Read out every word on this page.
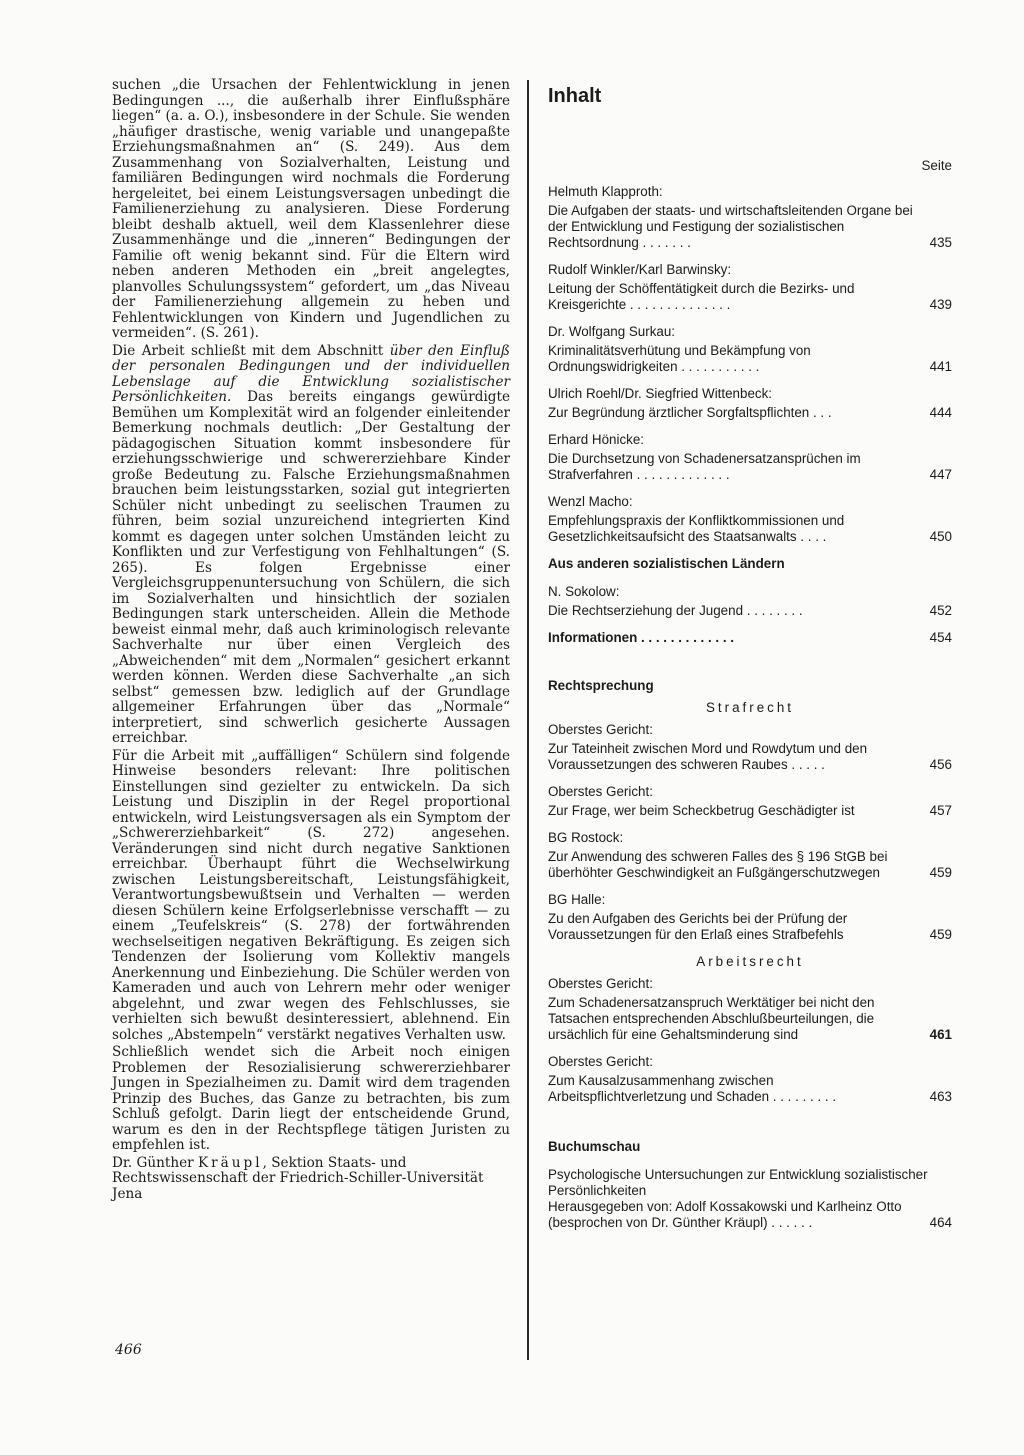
suchen „die Ursachen der Fehlentwicklung in jenen Bedingungen ..., die außerhalb ihrer Einflußsphäre liegen“ (a. a. O.), insbesondere in der Schule. Sie wenden „häufiger drastische, wenig variable und unangepaßte Erziehungsmaßnahmen an“ (S. 249). Aus dem Zusammenhang von Sozialverhalten, Leistung und familiären Bedingungen wird nochmals die Forderung hergeleitet, bei einem Leistungsversagen unbedingt die Familienerziehung zu analysieren. Diese Forderung bleibt deshalb aktuell, weil dem Klassenlehrer diese Zusammenhänge und die „inneren“ Bedingungen der Familie oft wenig bekannt sind. Für die Eltern wird neben anderen Methoden ein „breit angelegtes, planvolles Schulungssystem“ gefordert, um „das Niveau der Familienerziehung allgemein zu heben und Fehlentwicklungen von Kindern und Jugendlichen zu vermeiden“. (S. 261).

Die Arbeit schließt mit dem Abschnitt über den Einfluß der personalen Bedingungen und der individuellen Lebenslage auf die Entwicklung sozialistischer Persönlichkeiten. Das bereits eingangs gewürdigte Bemühen um Komplexität wird an folgender einleitender Bemerkung nochmals deutlich: „Der Gestaltung der pädagogischen Situation kommt insbesondere für erziehungsschwierige und schwererziehbare Kinder große Bedeutung zu. Falsche Erziehungsmaßnahmen brauchen beim leistungsstarken, sozial gut integrierten Schüler nicht unbedingt zu seelischen Traumen zu führen, beim sozial unzureichend integrierten Kind kommt es dagegen unter solchen Umständen leicht zu Konflikten und zur Verfestigung von Fehlhaltungen“ (S. 265). Es folgen Ergebnisse einer Vergleichsgruppenuntersuchung von Schülern, die sich im Sozialverhalten und hinsichtlich der sozialen Bedingungen stark unterscheiden. Allein die Methode beweist einmal mehr, daß auch kriminologisch relevante Sachverhalte nur über einen Vergleich des „Abweichenden“ mit dem „Normalen“ gesichert erkannt werden können. Werden diese Sachverhalte „an sich selbst“ gemessen bzw. lediglich auf der Grundlage allgemeiner Erfahrungen über das „Normale“ interpretiert, sind schwerlich gesicherte Aussagen erreichbar.

Für die Arbeit mit „auffälligen“ Schülern sind folgende Hinweise besonders relevant: Ihre politischen Einstellungen sind gezielter zu entwickeln. Da sich Leistung und Disziplin in der Regel proportional entwickeln, wird Leistungsversagen als ein Symptom der „Schwererziehbarkeit“ (S. 272) angesehen. Veränderungen sind nicht durch negative Sanktionen erreichbar. Überhaupt führt die Wechselwirkung zwischen Leistungsbereitschaft, Leistungsfähigkeit, Verantwortungsbewußtsein und Verhalten — werden diesen Schülern keine Erfolgserlebnisse verschafft — zu einem „Teufelskreis“ (S. 278) der fortwährenden wechselseitigen negativen Bekräftigung. Es zeigen sich Tendenzen der Isolierung vom Kollektiv mangels Anerkennung und Einbeziehung. Die Schüler werden von Kameraden und auch von Lehrern mehr oder weniger abgelehnt, und zwar wegen des Fehlschlusses, sie verhielten sich bewußt desinteressiert, ablehnend. Ein solches „Abstempeln“ verstärkt negatives Verhalten usw.

Schließlich wendet sich die Arbeit noch einigen Problemen der Resozialisierung schwererziehbarer Jungen in Spezialheimen zu. Damit wird dem tragenden Prinzip des Buches, das Ganze zu betrachten, bis zum Schluß gefolgt. Darin liegt der entscheidende Grund, warum es den in der Rechtspflege tätigen Juristen zu empfehlen ist.

Dr. Günther Kräupl, Sektion Staats- und Rechtswissenschaft der Friedrich-Schiller-Universität Jena

Inhalt
Seite
Helmuth Klapproth:
Die Aufgaben der staats- und wirtschaftsleitenden Organe bei der Entwicklung und Festigung der sozialistischen Rechtsordnung . . . . . . .	435
Rudolf Winkler/Karl Barwinsky:
Leitung der Schöffentätigkeit durch die Bezirks- und Kreisgerichte . . . . . . . . . . . . . .	439
Dr. Wolfgang Surkau:
Kriminalitätsverhütung und Bekämpfung von Ordnungswidrigkeiten . . . . . . . . . . .	441
Ulrich Roehl/Dr. Siegfried Wittenbeck:
Zur Begründung ärztlicher Sorgfaltspflichten . . .	444
Erhard Hönicke:
Die Durchsetzung von Schadenersatzansprüchen im Strafverfahren . . . . . . . . . . . . .	447
Wenzl Macho:
Empfehlungspraxis der Konfliktkommissionen und Gesetzlichkeitsaufsicht des Staatsanwalts . . . .	450
Aus anderen sozialistischen Ländern
N. Sokolow:
Die Rechtserziehung der Jugend . . . . . . . .	452
Informationen . . . . . . . . . . . . .	454
Rechtsprechung
Strafrecht
Oberstes Gericht:
Zur Tateinheit zwischen Mord und Rowdytum und den Voraussetzungen des schweren Raubes . . . . .	456
Oberstes Gericht:
Zur Frage, wer beim Scheckbetrug Geschädigter ist	457
BG Rostock:
Zur Anwendung des schweren Falles des § 196 StGB bei überhöhter Geschwindigkeit an Fußgängerschutzwegen	459
BG Halle:
Zu den Aufgaben des Gerichts bei der Prüfung der Voraussetzungen für den Erlaß eines Strafbefehls	459
Arbeitsrecht
Oberstes Gericht:
Zum Schadenersatzanspruch Werktätiger bei nicht den Tatsachen entsprechenden Abschlußbeurteilungen, die ursächlich für eine Gehaltsminderung sind	461
Oberstes Gericht:
Zum Kausalzusammenhang zwischen Arbeitspflichtverletzung und Schaden . . . . . . . . .	463
Buchumschau
Psychologische Untersuchungen zur Entwicklung sozialistischer Persönlichkeiten
Herausgegeben von: Adolf Kossakowski und Karlheinz Otto
(besprochen von Dr. Günther Kräupl) . . . . . .	464
466
